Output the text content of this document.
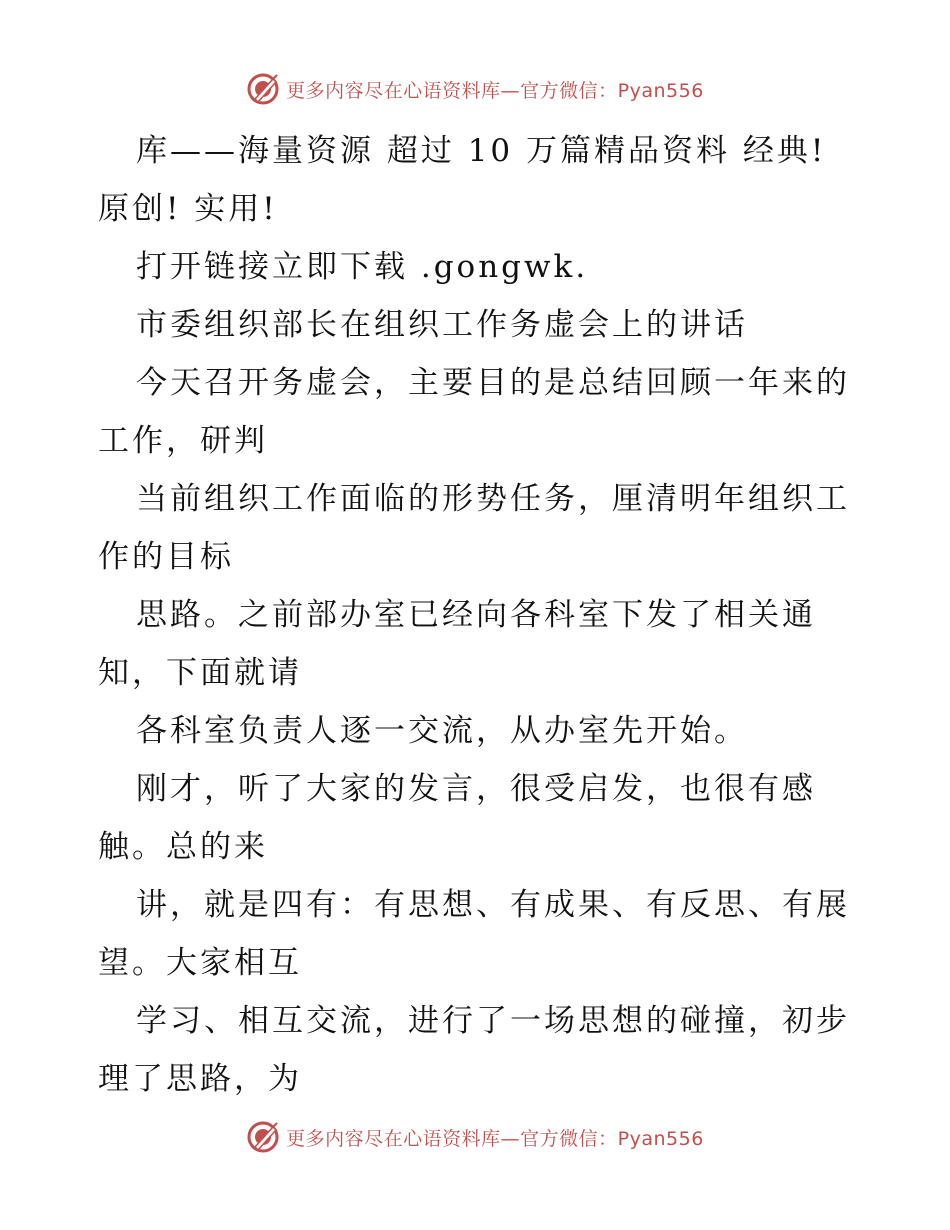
更多内容尽在心语资料库—官方微信：Pyan556

库——海量资源 超过 10 万篇精品资料 经典!原创! 实用!

打开链接立即下载 .gongwk.

市委组织部长在组织工作务虚会上的讲话

今天召开务虚会，主要目的是总结回顾一年来的工作，研判

当前组织工作面临的形势任务，厘清明年组织工作的目标

思路。之前部办室已经向各科室下发了相关通知，下面就请

各科室负责人逐一交流，从办室先开始。

刚才，听了大家的发言，很受启发，也很有感触。总的来

讲，就是四有：有思想、有成果、有反思、有展望。大家相互

学习、相互交流，进行了一场思想的碰撞，初步理了思路，为

更多内容尽在心语资料库—官方微信：Pyan556
